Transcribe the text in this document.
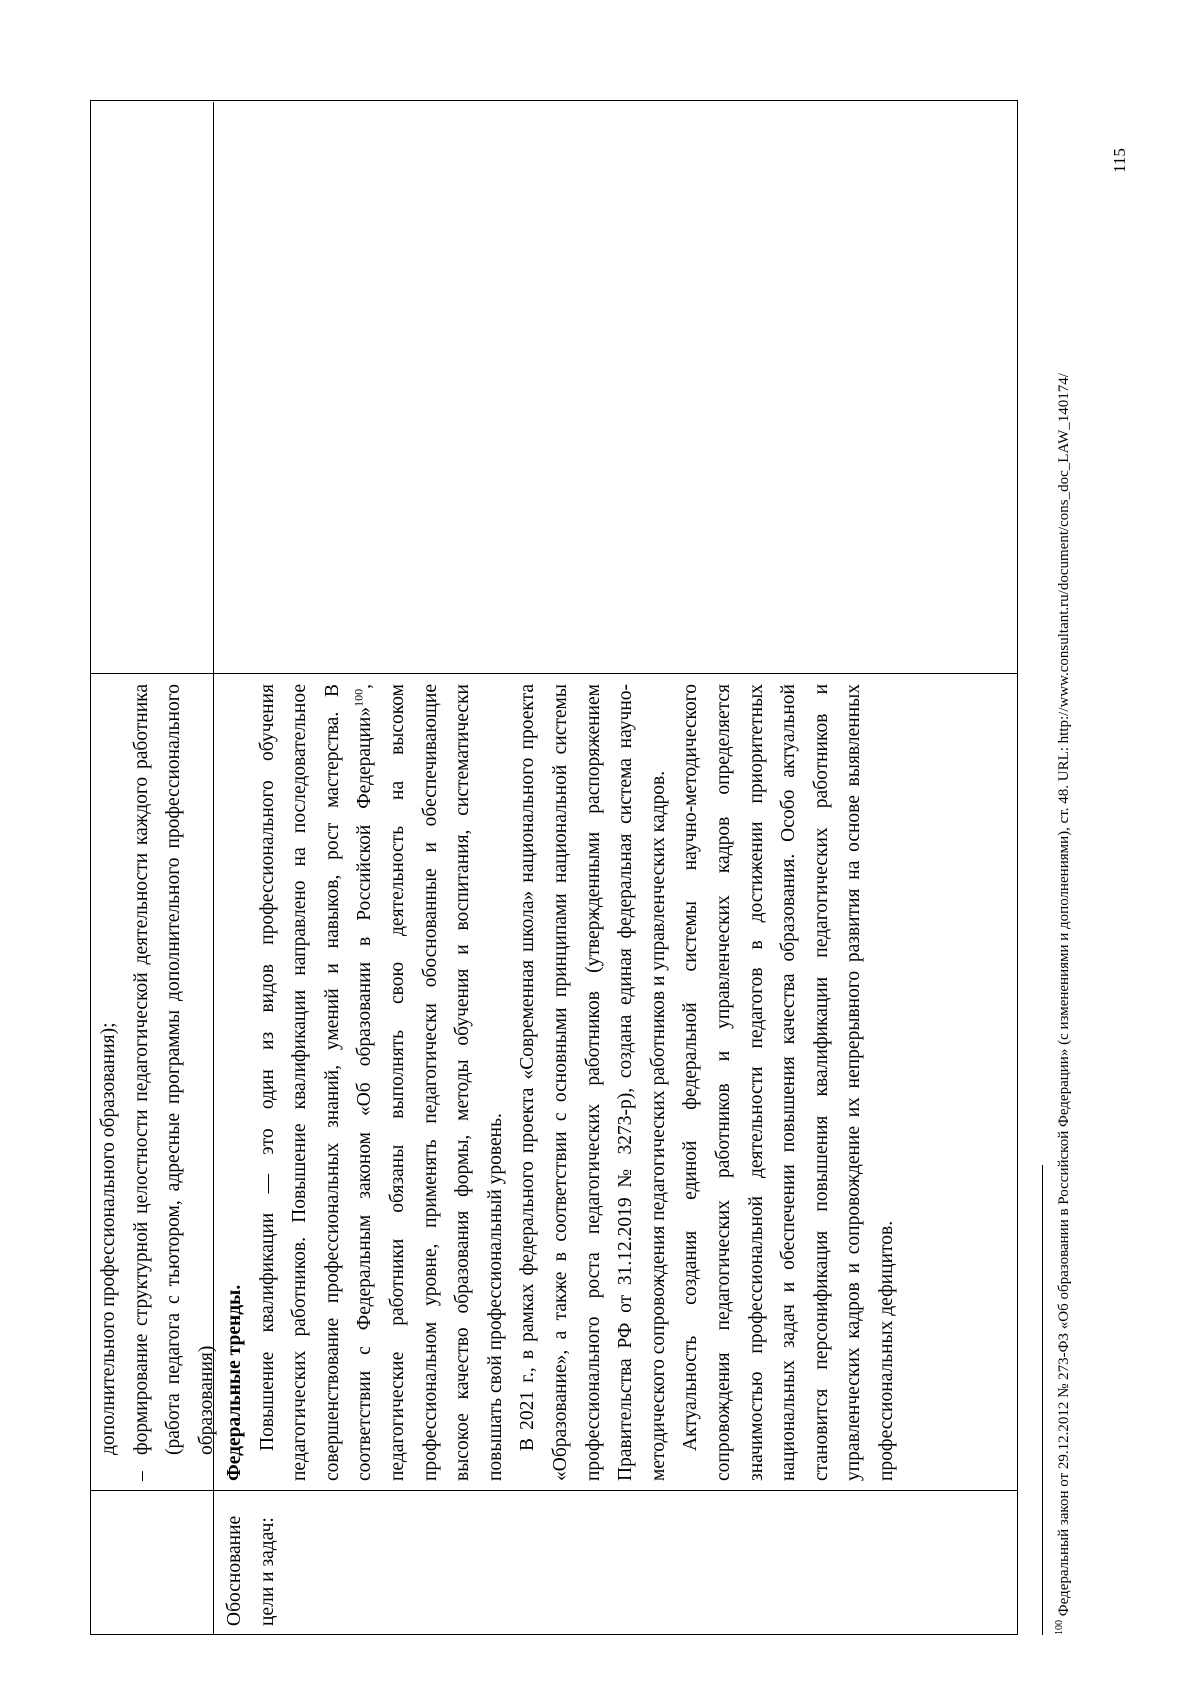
дополнительного профессионального образования);
–
формирование структурной целостности педагогической деятельности каждого работника (работа педагога с тьютором, адресные программы дополнительного профессионального образования)
Обоснование цели и задач:
Федеральные тренды. Повышение квалификации — это один из видов профессионального обучения педагогических работников. Повышение квалификации направлено на последовательное совершенствование профессиональных знаний, умений и навыков, рост мастерства. В соответствии с Федеральным законом «Об образовании в Российской Федерации»$^{100}$, педагогические работники обязаны выполнять свою деятельность на высоком профессиональном уровне, применять педагогически обоснованные и обеспечивающие высокое качество образования формы, методы обучения и воспитания, систематически повышать свой профессиональный уровень. В 2021 г., в рамках федерального проекта «Современная школа» национального проекта «Образование», а также в соответствии с основными принципами национальной системы профессионального роста педагогических работников (утвержденными распоряжением Правительства РФ от 31.12.2019 № 3273-р), создана единая федеральная система научно-методического сопровождения педагогических работников и управленческих кадров. Актуальность создания единой федеральной системы научно-методического сопровождения педагогических работников и управленческих кадров определяется значимостью профессиональной деятельности педагогов в достижении приоритетных национальных задач и обеспечении повышения качества образования. Особо актуальной становится персонификация повышения квалификации педагогических работников и управленческих кадров и сопровождение их непрерывного развития на основе выявленных профессиональных дефицитов.
$^{100}$ Федеральный закон от 29.12.2012 № 273-ФЗ «Об образовании в Российской Федерации» (с изменениями и дополнениями), ст. 48. URL: http://www.consultant.ru/document/cons_doc_LAW_140174/
115
